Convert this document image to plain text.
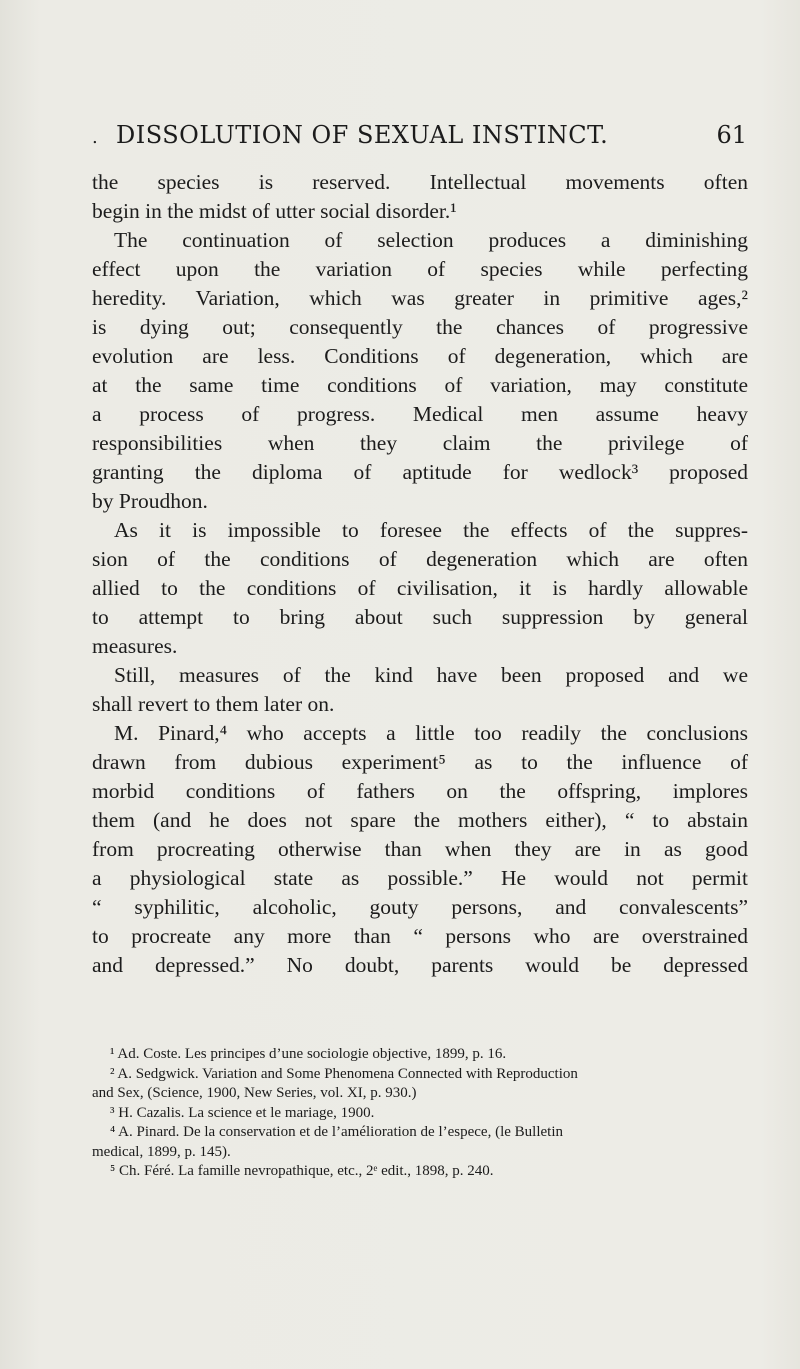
. DISSOLUTION OF SEXUAL INSTINCT.	61
the species is reserved. Intellectual movements often
begin in the midst of utter social disorder.¹
The continuation of selection produces a diminishing
effect upon the variation of species while perfecting
heredity. Variation, which was greater in primitive ages,²
is dying out; consequently the chances of progressive
evolution are less. Conditions of degeneration, which are
at the same time conditions of variation, may constitute
a process of progress. Medical men assume heavy
responsibilities when they claim the privilege of
granting the diploma of aptitude for wedlock³ proposed
by Proudhon.
As it is impossible to foresee the effects of the suppres-
sion of the conditions of degeneration which are often
allied to the conditions of civilisation, it is hardly allowable
to attempt to bring about such suppression by general
measures.
Still, measures of the kind have been proposed and we
shall revert to them later on.
M. Pinard,⁴ who accepts a little too readily the conclusions
drawn from dubious experiment⁵ as to the influence of
morbid conditions of fathers on the offspring, implores
them (and he does not spare the mothers either), “ to abstain
from procreating otherwise than when they are in as good
a physiological state as possible.” He would not permit
“ syphilitic, alcoholic, gouty persons, and convalescents”
to procreate any more than “ persons who are overstrained
and depressed.” No doubt, parents would be depressed
¹ Ad. Coste. Les principes d’une sociologie objective, 1899, p. 16.
² A. Sedgwick. Variation and Some Phenomena Connected with Reproduction
and Sex, (Science, 1900, New Series, vol. XI, p. 930.)
³ H. Cazalis. La science et le mariage, 1900.
⁴ A. Pinard. De la conservation et de l’amélioration de l’espece, (le Bulletin
medical, 1899, p. 145).
⁵ Ch. Féré. La famille nevropathique, etc., 2ᵉ edit., 1898, p. 240.
